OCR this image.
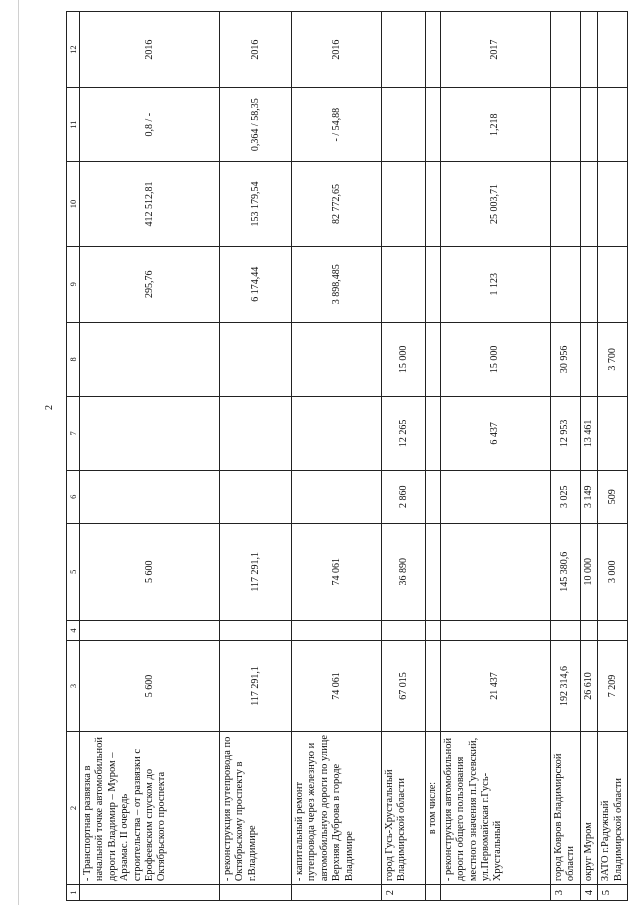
2
1	2	3	4	5	6	7	8	9	10	11	12
	- Транспортная развязка в начальной точке автомобильной дороги Владимир – Муром – Арзамас. II очередь строительства – от развязки с Ерофеевским спуском до Октябрьского проспекта	5 600		5 600				295,76	412 512,81	0,8 / -	2016
	- реконструкция путепровода по Октябрьскому проспекту в г.Владимире	117 291,1		117 291,1				6 174,44	153 179,54	0,364 / 58,35	2016
	- капитальный ремонт путепровода через железную и автомобильную дороги по улице Верхняя Дуброва в городе Владимире	74 061		74 061				3 898,485	82 772,65	- / 54,88	2016
2	город Гусь-Хрустальный Владимирской области	67 015		36 890	2 860	12 265	15 000				
	в том числе:										
	- реконструкция автомобильной дороги общего пользования местного значения п.Гусевский, ул.Первомайская г.Гусь-Хрустальный	21 437				6 437	15 000	1 123	25 003,71	1,218	2017
3	город Ковров Владимирской области	192 314,6		145 380,6	3 025	12 953	30 956				
4	округ Муром	26 610		10 000	3 149	13 461					
5	ЗАТО г.Радужный Владимирской области	7 209		3 000	509		3 700				
